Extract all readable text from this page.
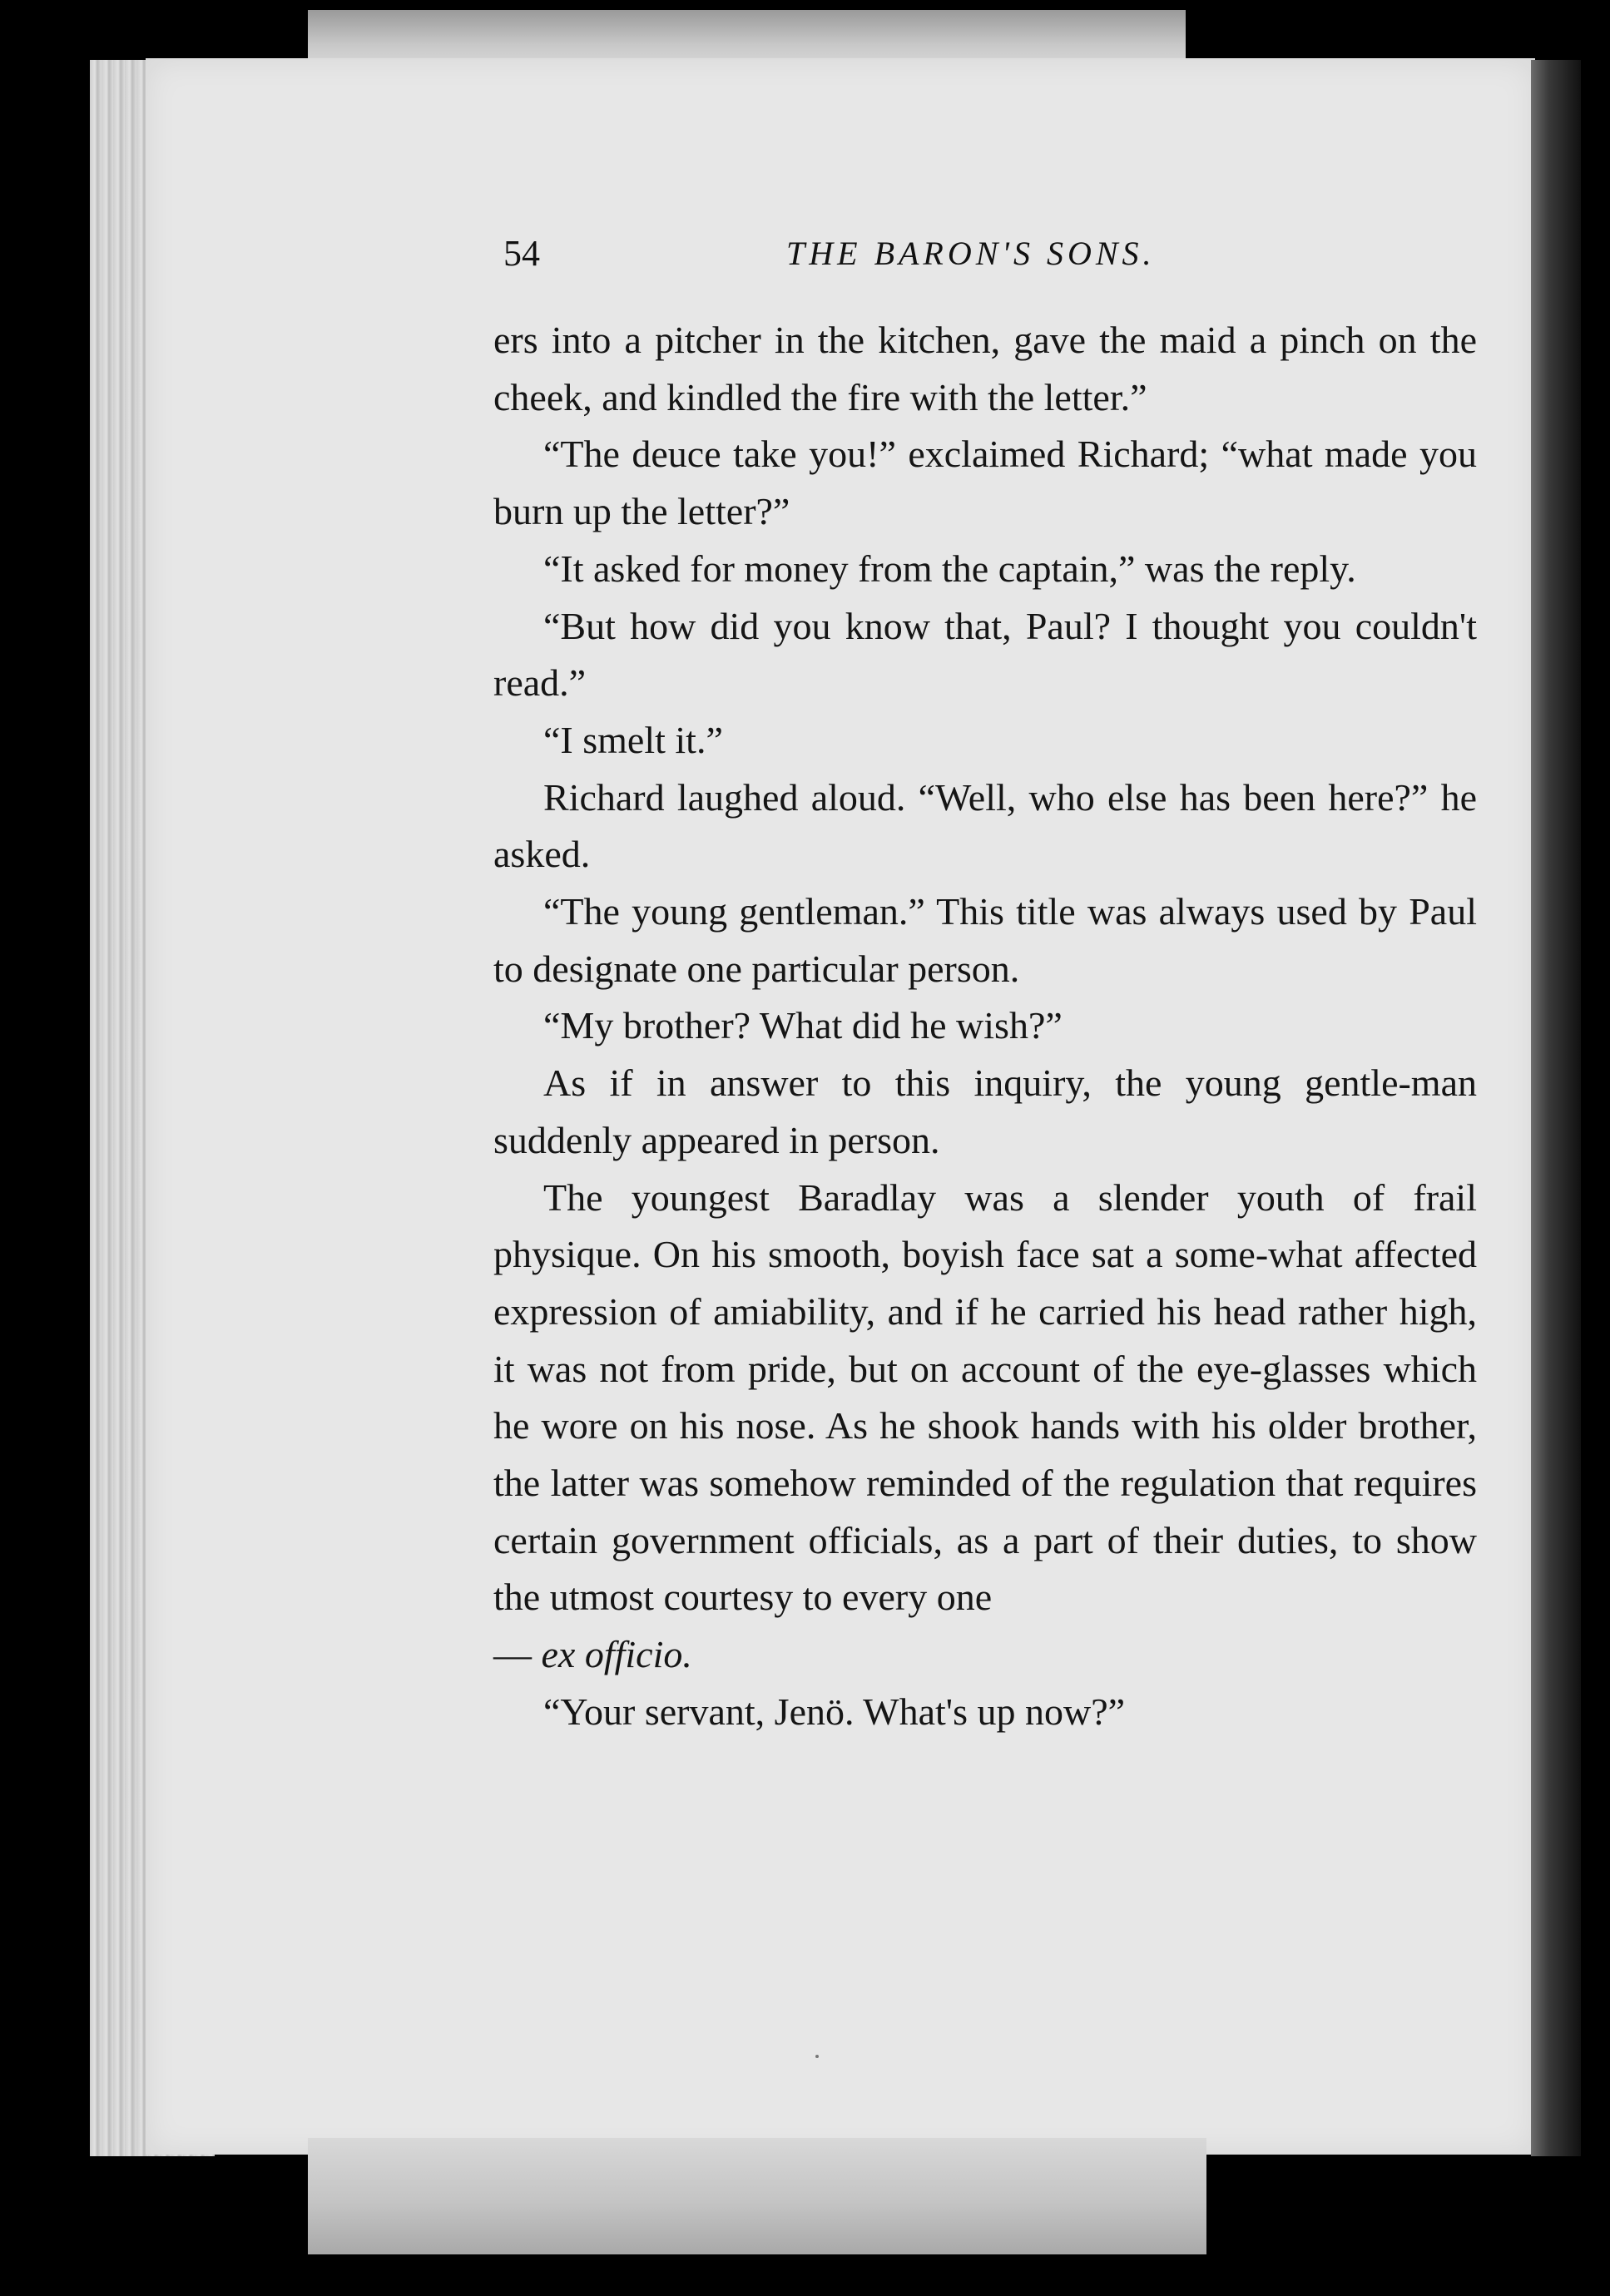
54	THE BARON'S SONS.

ers into a pitcher in the kitchen, gave the maid a pinch on the cheek, and kindled the fire with the letter.”

“The deuce take you!” exclaimed Richard; “what made you burn up the letter?”

“It asked for money from the captain,” was the reply.

“But how did you know that, Paul? I thought you couldn't read.”

“I smelt it.”

Richard laughed aloud. “Well, who else has been here?” he asked.

“The young gentleman.” This title was always used by Paul to designate one particular person.

“My brother? What did he wish?”

As if in answer to this inquiry, the young gentle-man suddenly appeared in person.

The youngest Baradlay was a slender youth of frail physique. On his smooth, boyish face sat a some-what affected expression of amiability, and if he carried his head rather high, it was not from pride, but on account of the eye-glasses which he wore on his nose. As he shook hands with his older brother, the latter was somehow reminded of the regulation that requires certain government officials, as a part of their duties, to show the utmost courtesy to every one

— ex officio.

“Your servant, Jenö. What's up now?”
